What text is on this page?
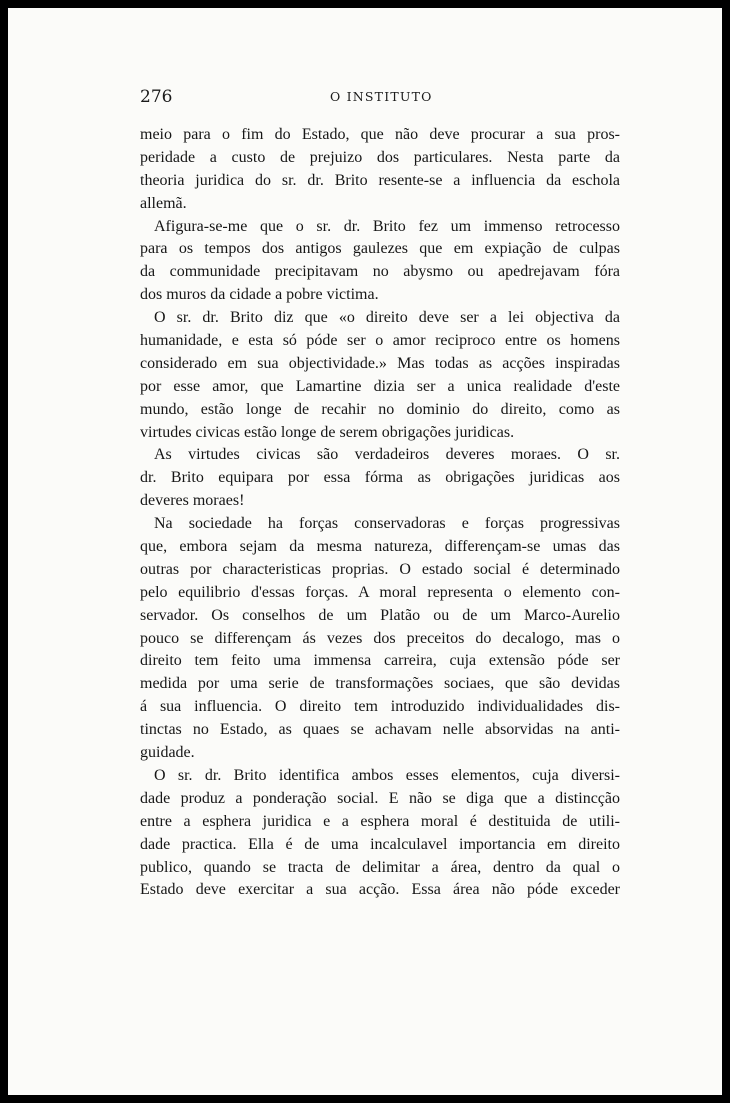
276	O INSTITUTO

meio para o fim do Estado, que não deve procurar a sua pros-
peridade a custo de prejuizo dos particulares. Nesta parte da
theoria juridica do sr. dr. Brito resente-se a influencia da eschola
allemã.

Afigura-se-me que o sr. dr. Brito fez um immenso retrocesso
para os tempos dos antigos gaulezes que em expiação de culpas
da communidade precipitavam no abysmo ou apedrejavam fóra
dos muros da cidade a pobre victima.

O sr. dr. Brito diz que «o direito deve ser a lei objectiva da
humanidade, e esta só póde ser o amor reciproco entre os homens
considerado em sua objectividade.» Mas todas as acções inspiradas
por esse amor, que Lamartine dizia ser a unica realidade d'este
mundo, estão longe de recahir no dominio do direito, como as
virtudes civicas estão longe de serem obrigações juridicas.

As virtudes civicas são verdadeiros deveres moraes. O sr.
dr. Brito equipara por essa fórma as obrigações juridicas aos
deveres moraes!

Na sociedade ha forças conservadoras e forças progressivas
que, embora sejam da mesma natureza, differençam-se umas das
outras por characteristicas proprias. O estado social é determinado
pelo equilibrio d'essas forças. A moral representa o elemento con-
servador. Os conselhos de um Platão ou de um Marco-Aurelio
pouco se differençam ás vezes dos preceitos do decalogo, mas o
direito tem feito uma immensa carreira, cuja extensão póde ser
medida por uma serie de transformações sociaes, que são devidas
á sua influencia. O direito tem introduzido individualidades dis-
tinctas no Estado, as quaes se achavam nelle absorvidas na anti-
guidade.

O sr. dr. Brito identifica ambos esses elementos, cuja diversi-
dade produz a ponderação social. E não se diga que a distincção
entre a esphera juridica e a esphera moral é destituida de utili-
dade practica. Ella é de uma incalculavel importancia em direito
publico, quando se tracta de delimitar a área, dentro da qual o
Estado deve exercitar a sua acção. Essa área não póde exceder
